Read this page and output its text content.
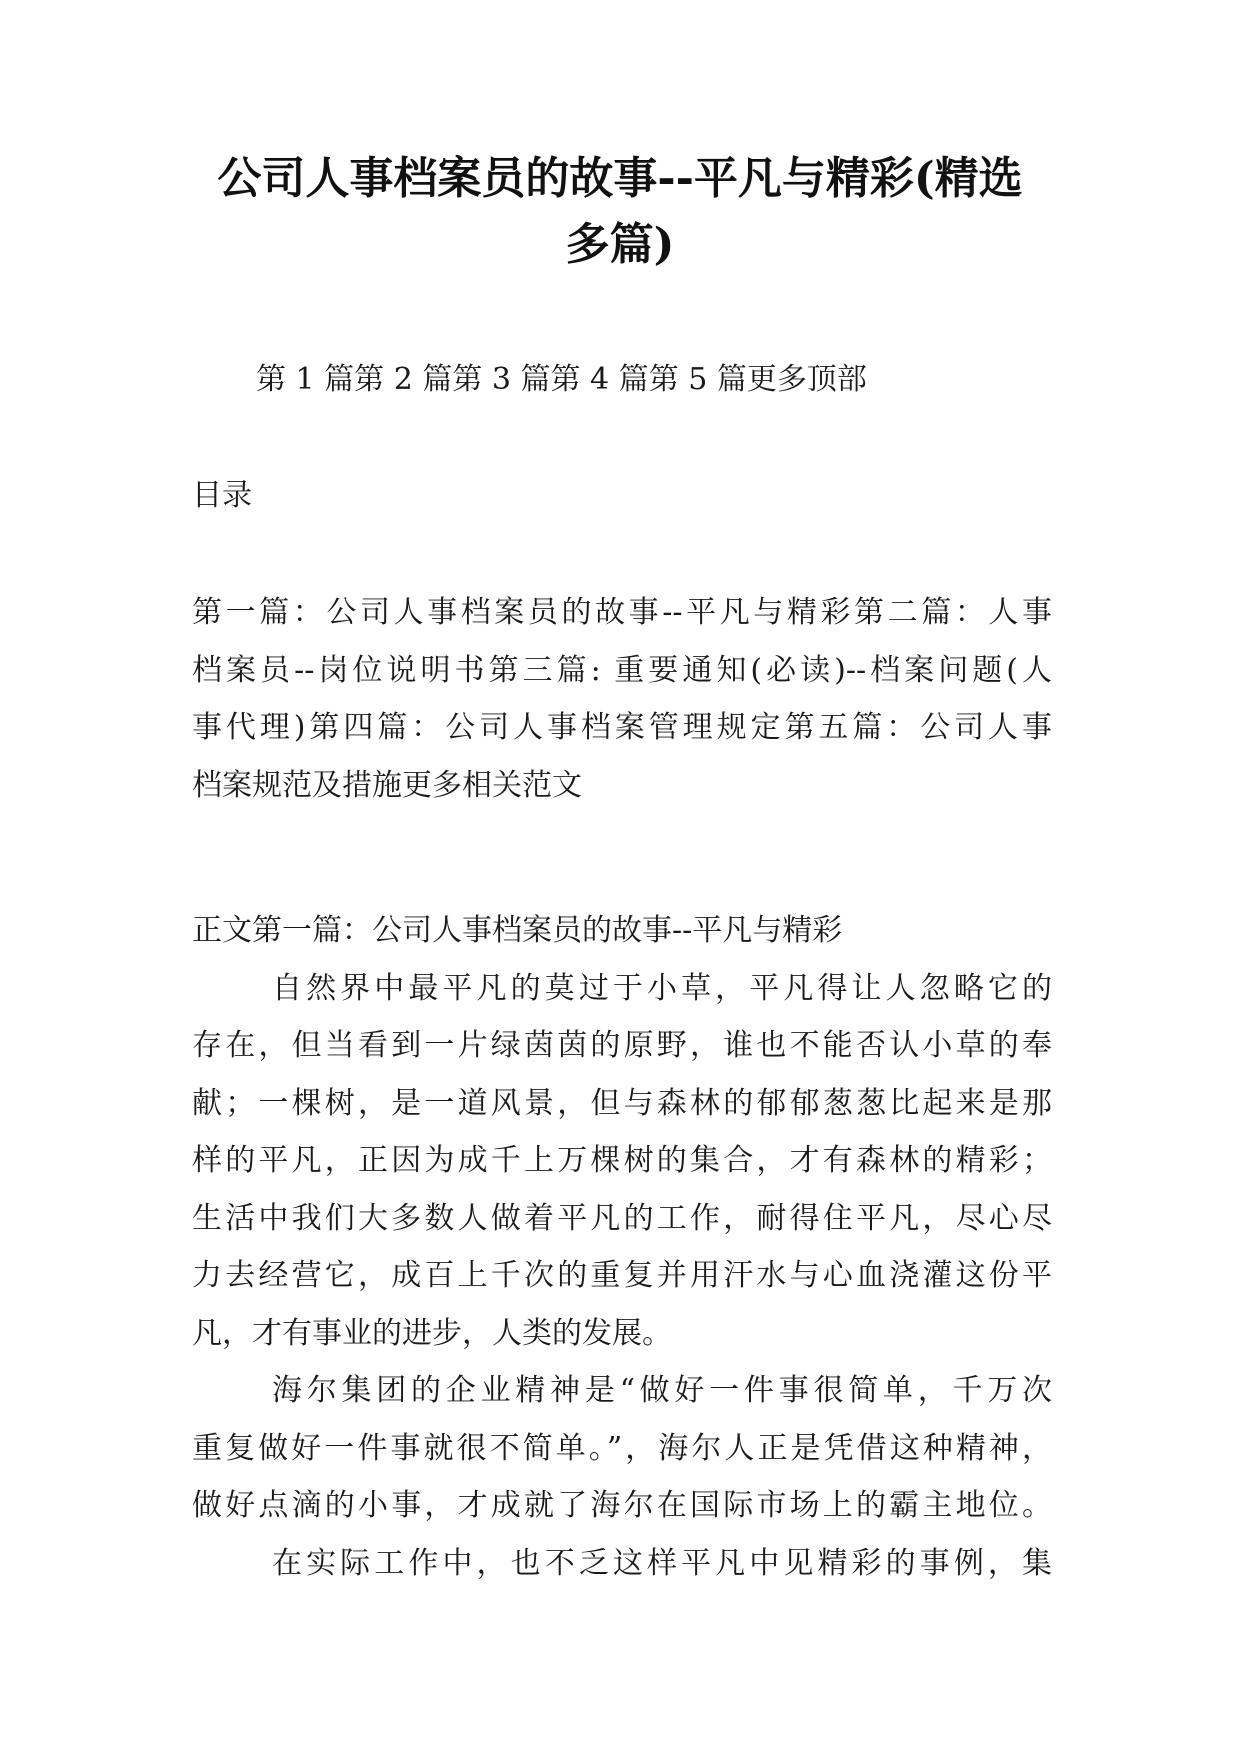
公司人事档案员的故事--平凡与精彩(精选
多篇)
第 1 篇第 2 篇第 3 篇第 4 篇第 5 篇更多顶部
目录
第一篇：公司人事档案员的故事--平凡与精彩第二篇：人事
档案员--岗位说明书第三篇: 重要通知(必读)--档案问题(人
事代理)第四篇：公司人事档案管理规定第五篇：公司人事
档案规范及措施更多相关范文
正文第一篇：公司人事档案员的故事--平凡与精彩
自然界中最平凡的莫过于小草，平凡得让人忽略它的
存在，但当看到一片绿茵茵的原野，谁也不能否认小草的奉
献；一棵树，是一道风景，但与森林的郁郁葱葱比起来是那
样的平凡，正因为成千上万棵树的集合，才有森林的精彩；
生活中我们大多数人做着平凡的工作，耐得住平凡，尽心尽
力去经营它，成百上千次的重复并用汗水与心血浇灌这份平
凡，才有事业的进步，人类的发展。
海尔集团的企业精神是“做好一件事很简单，千万次
重复做好一件事就很不简单。”，海尔人正是凭借这种精神，
做好点滴的小事，才成就了海尔在国际市场上的霸主地位。
在实际工作中，也不乏这样平凡中见精彩的事例，集
